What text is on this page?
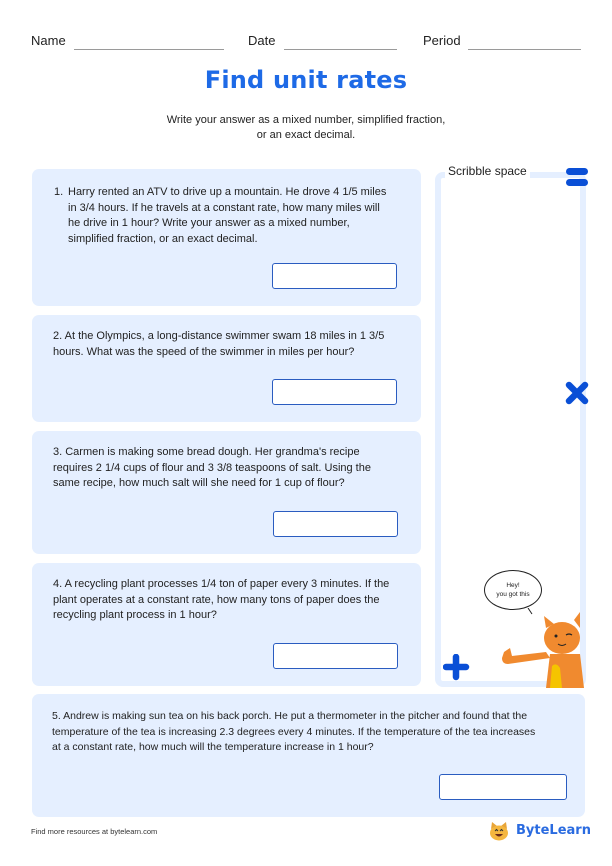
Name	Date	Period
Find unit rates
Write your answer as a mixed number, simplified fraction,
or an exact decimal.
1. Harry rented an ATV to drive up a mountain. He drove 4 1/5 miles
in 3/4 hours. If he travels at a constant rate, how many miles will
he drive in 1 hour? Write your answer as a mixed number,
simplified fraction, or an exact decimal.
2. At the Olympics, a long-distance swimmer swam 18 miles in 1 3/5
hours. What was the speed of the swimmer in miles per hour?
3. Carmen is making some bread dough. Her grandma's recipe
requires 2 1/4 cups of flour and 3 3/8 teaspoons of salt. Using the
same recipe, how much salt will she need for 1 cup of flour?
4. A recycling plant processes 1/4 ton of paper every 3 minutes. If the
plant operates at a constant rate, how many tons of paper does the
recycling plant process in 1 hour?
5. Andrew is making sun tea on his back porch. He put a thermometer in the pitcher and found that the
temperature of the tea is increasing 2.3 degrees every 4 minutes. If the temperature of the tea increases
at a constant rate, how much will the temperature increase in 1 hour?
Scribble space
Hey!
you got this
Find more resources at bytelearn.com	ByteLearn
